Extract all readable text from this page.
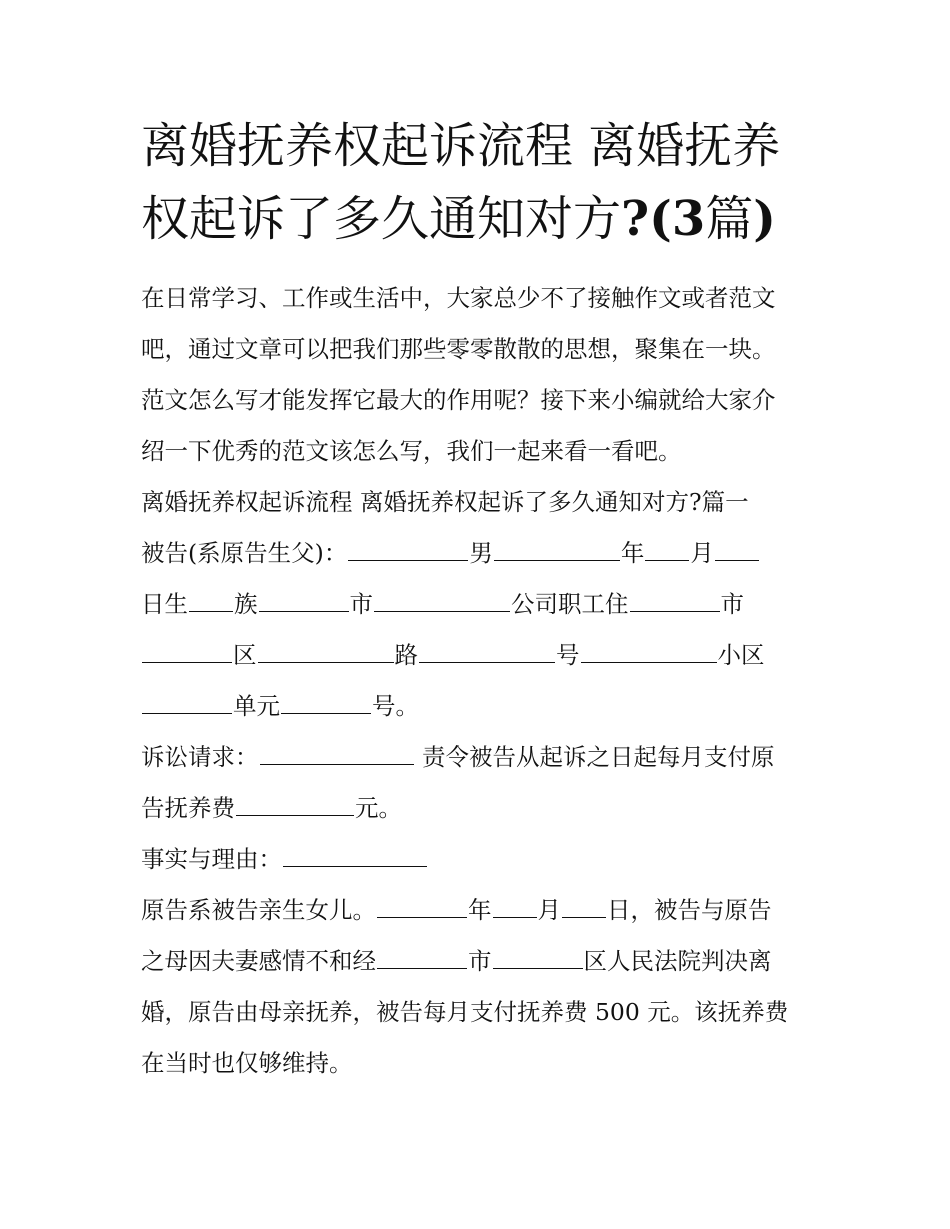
离婚抚养权起诉流程 离婚抚养
权起诉了多久通知对方?(3篇)
在日常学习、工作或生活中，大家总少不了接触作文或者范文
吧，通过文章可以把我们那些零零散散的思想，聚集在一块。
范文怎么写才能发挥它最大的作用呢？接下来小编就给大家介
绍一下优秀的范文该怎么写，我们一起来看一看吧。
离婚抚养权起诉流程 离婚抚养权起诉了多久通知对方?篇一
被告(系原告生父)：	男	年 月
日生 族	市	公司职工住	市
区	路	号	小区
单元	号。
诉讼请求：	责令被告从起诉之日起每月支付原
告抚养费	元。
事实与理由：
原告系被告亲生女儿。	年 月 日，被告与原告
之母因夫妻感情不和经	市	区人民法院判决离
婚，原告由母亲抚养，被告每月支付抚养费 500 元。该抚养费
在当时也仅够维持。
